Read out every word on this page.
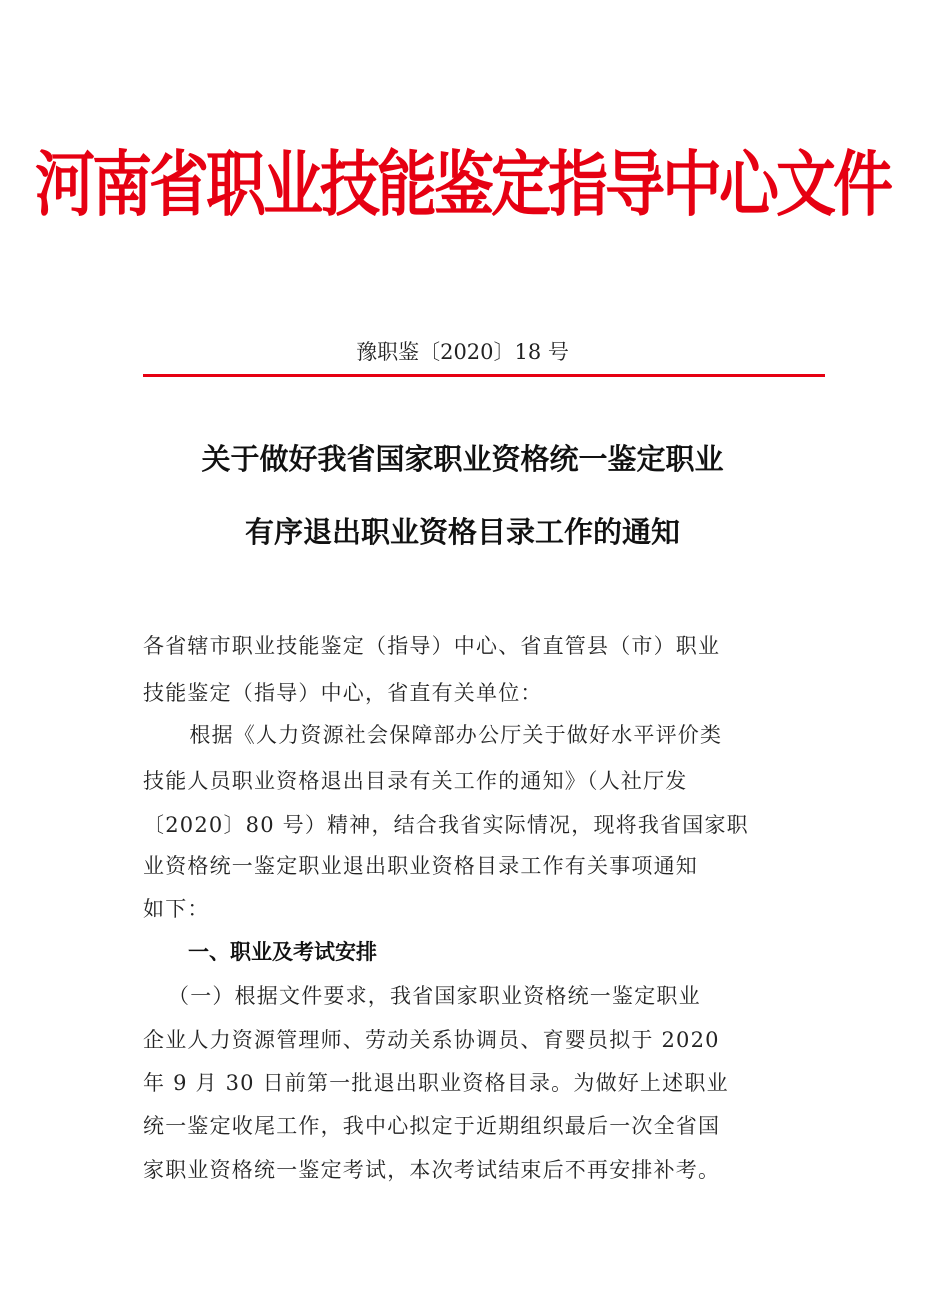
河南省职业技能鉴定指导中心文件
豫职鉴〔2020〕18 号
关于做好我省国家职业资格统一鉴定职业
有序退出职业资格目录工作的通知
各省辖市职业技能鉴定（指导）中心、省直管县（市）职业
技能鉴定（指导）中心，省直有关单位：
　　根据《人力资源社会保障部办公厅关于做好水平评价类
技能人员职业资格退出目录有关工作的通知》（人社厅发
〔2020〕80 号）精神，结合我省实际情况，现将我省国家职
业资格统一鉴定职业退出职业资格目录工作有关事项通知
如下：
一、职业及考试安排
（一）根据文件要求，我省国家职业资格统一鉴定职业
企业人力资源管理师、劳动关系协调员、育婴员拟于 2020
年 9 月 30 日前第一批退出职业资格目录。为做好上述职业
统一鉴定收尾工作，我中心拟定于近期组织最后一次全省国
家职业资格统一鉴定考试，本次考试结束后不再安排补考。
